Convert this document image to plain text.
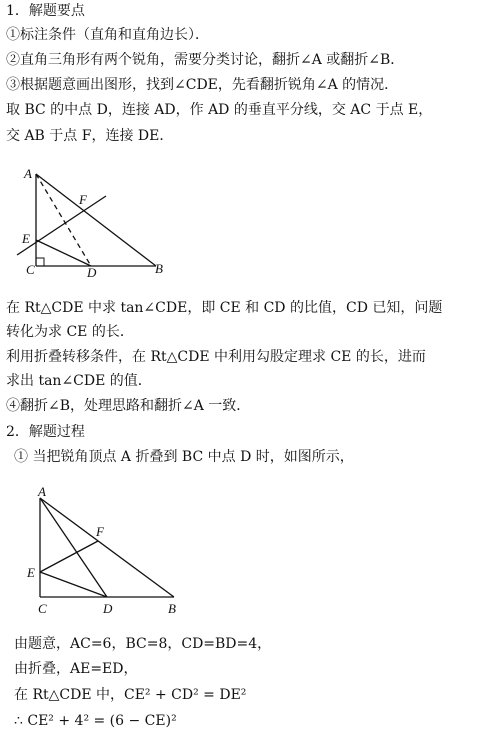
1．解题要点
①标注条件（直角和直角边长）．
②直角三角形有两个锐角，需要分类讨论，翻折∠A 或翻折∠B．
③根据题意画出图形，找到∠CDE，先看翻折锐角∠A 的情况．
取 BC 的中点 D，连接 AD，作 AD 的垂直平分线，交 AC 于点 E，
交 AB 于点 F，连接 DE．
A
F
E
C	D	B
在 Rt△CDE 中求 tan∠CDE，即 CE 和 CD 的比值，CD 已知，问题
转化为求 CE 的长．
利用折叠转移条件，在 Rt△CDE 中利用勾股定理求 CE 的长，进而
求出 tan∠CDE 的值．
④翻折∠B，处理思路和翻折∠A 一致．
2．解题过程
① 当把锐角顶点 A 折叠到 BC 中点 D 时，如图所示，
A
F
E
C	D	B
由题意，AC=6，BC=8，CD=BD=4，
由折叠，AE=ED，
在 Rt△CDE 中，CE² + CD² = DE²
∴ CE² + 4² = (6 − CE)²
